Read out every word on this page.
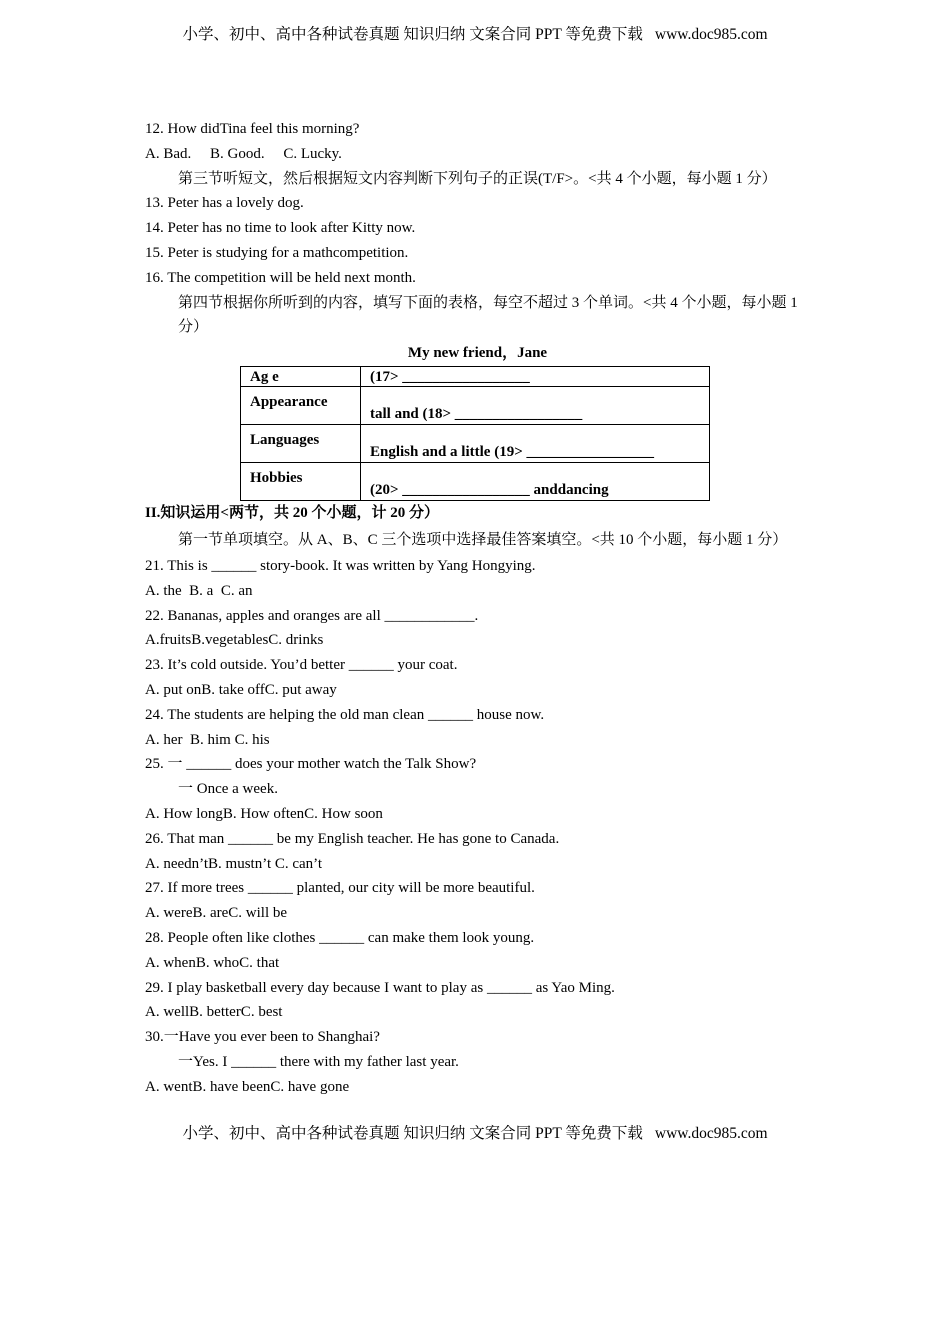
小学、初中、高中各种试卷真题 知识归纳 文案合同 PPT 等免费下载 www.doc985.com
12. How didTina feel this morning?
A. Bad.     B. Good.     C. Lucky.
第三节听短文，然后根据短文内容判断下列句子的正误(T/F>。<共 4 个小题，每小题 1 分）
13. Peter has a lovely dog.
14. Peter has no time to look after Kitty now.
15. Peter is studying for a mathcompetition.
16. The competition will be held next month.
第四节根据你所听到的内容，填写下面的表格，每空不超过 3 个单词。<共 4 个小题，每小题 1 分）
My new friend，Jane
Ag e	(17> _________________
Appearance	tall and (18> _________________
Languages	English and a little (19> _________________
Hobbies	(20> _________________ anddancing
II.知识运用<两节，共 20 个小题，计 20 分）
第一节单项填空。从 A、B、C 三个选项中选择最佳答案填空。<共 10 个小题，每小题 1 分）
21. This is ______ story-book. It was written by Yang Hongying.
A. the  B. a  C. an
22. Bananas, apples and oranges are all ____________.
A.fruitsB.vegetablesC. drinks
23. It’s cold outside. You’d better ______ your coat.
A. put onB. take offC. put away
24. The students are helping the old man clean ______ house now.
A. her  B. him C. his
25. 一 ______ does your mother watch the Talk Show?
一 Once a week.
A. How longB. How oftenC. How soon
26. That man ______ be my English teacher. He has gone to Canada.
A. needn’tB. mustn’t C. can’t
27. If more trees ______ planted, our city will be more beautiful.
A. wereB. areC. will be
28. People often like clothes ______ can make them look young.
A. whenB. whoC. that
29. I play basketball every day because I want to play as ______ as Yao Ming.
A. wellB. betterC. best
30.一Have you ever been to Shanghai?
一Yes. I ______ there with my father last year.
A. wentB. have beenC. have gone
小学、初中、高中各种试卷真题 知识归纳 文案合同 PPT 等免费下载 www.doc985.com
